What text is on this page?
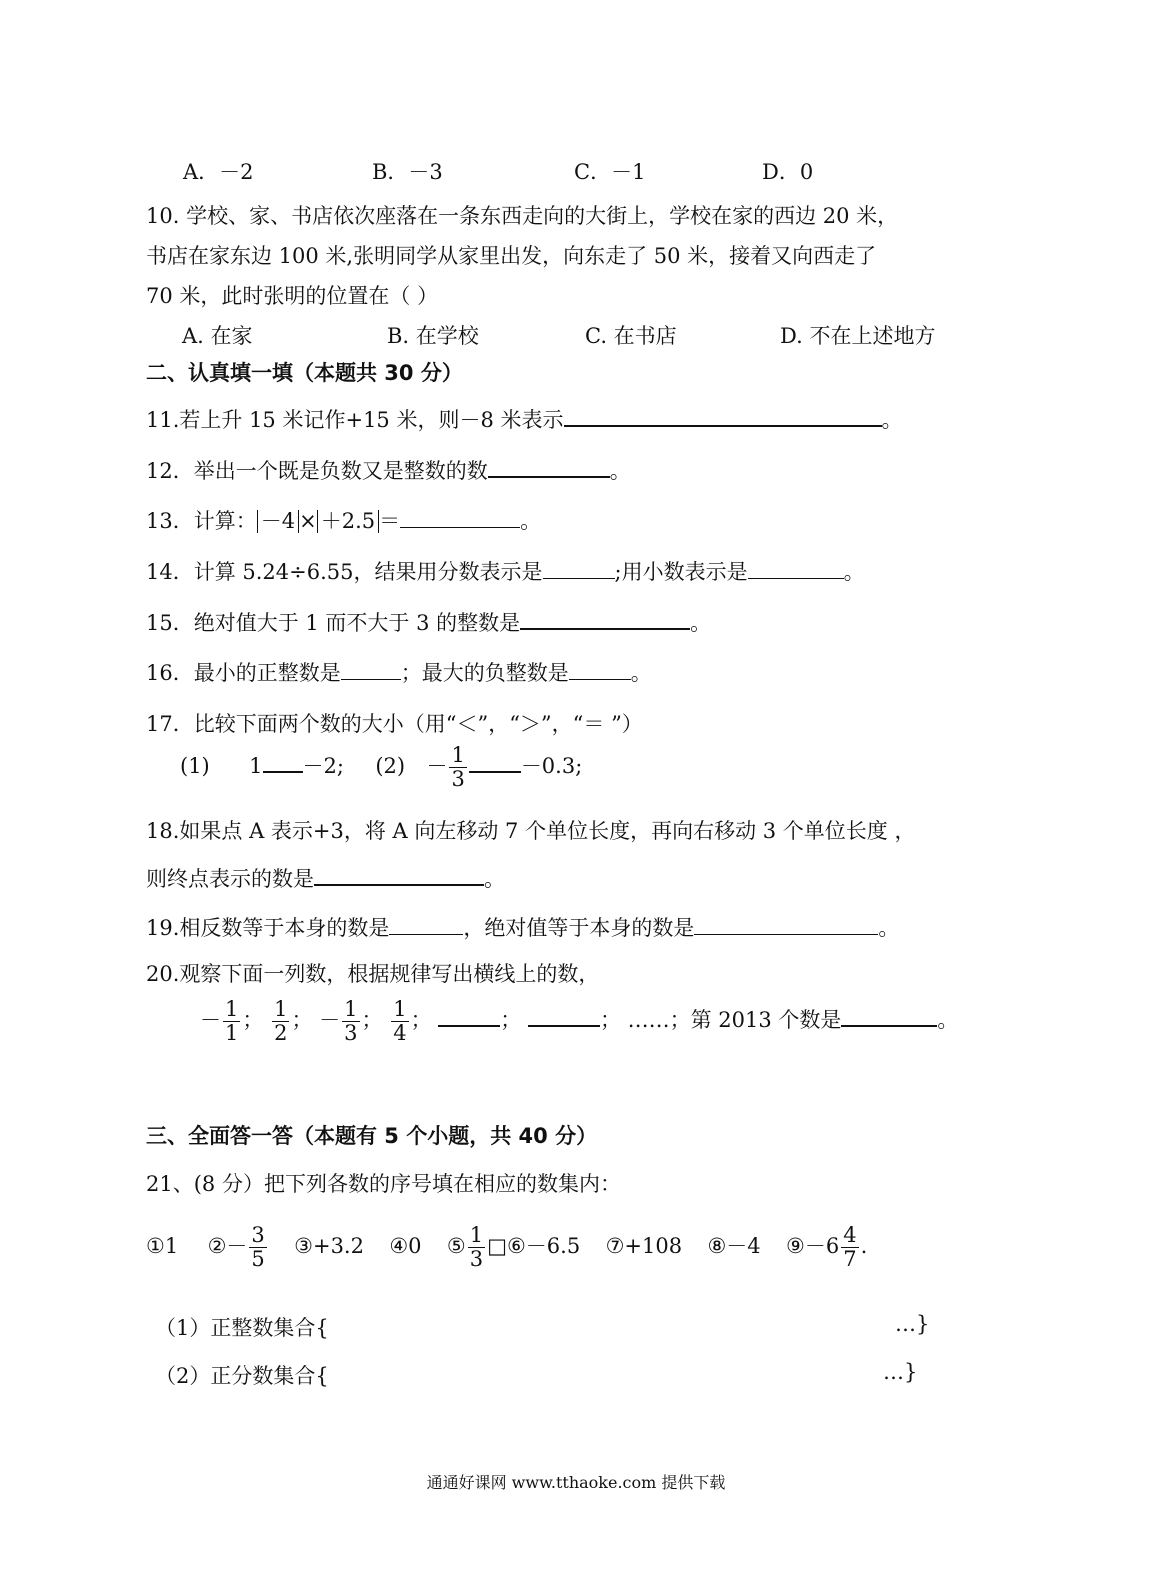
A．－2	B．－3	C．－1	D．0
10. 学校、家、书店依次座落在一条东西走向的大街上，学校在家的西边 20 米，
书店在家东边 100 米,张明同学从家里出发，向东走了 50 米，接着又向西走了
70 米，此时张明的位置在（ ）
A. 在家	B. 在学校	C. 在书店	D. 不在上述地方
二、认真填一填（本题共 30 分）
11.若上升 15 米记作+15 米，则－8 米表示	。
12．举出一个既是负数又是整数的数	。
13．计算： －4 × ＋2.5 ＝	。
14．计算 5.24÷6.55，结果用分数表示是	;用小数表示是	。
15．绝对值大于 1 而不大于 3 的整数是	。
16．最小的正整数是	；最大的负整数是	。
17．比较下面两个数的大小（用“＜”，“＞”，“＝ ”）
(1) 1 －2; $(2) - \frac{1}{3}$	－0.3;
18.如果点 A 表示+3，将 A 向左移动 7 个单位长度，再向右移动 3 个单位长度 ，
则终点表示的数是	。
19.相反数等于本身的数是	，绝对值等于本身的数是	。
20.观察下面一列数，根据规律写出横线上的数，
－ $\frac{1}{1}$ ； $\frac{1}{2}$ ； － $\frac{1}{3}$ ； $\frac{1}{4}$ ；	；	； ……；第 2013 个数是	。
三、全面答一答（本题有 5 个小题，共 40 分）
21、(8 分）把下列各数的序号填在相应的数集内：
①1 ②－ $\frac{3}{5}$ ③+3.2 ④0 ⑤ $\frac{1}{3}$ □⑥－6.5 ⑦+108 ⑧－4 ⑨－6 $\frac{4}{7}$ .
（1）正整数集合{	…}
（2）正分数集合{	…}
通通好课网 www.tthaoke.com 提供下载
